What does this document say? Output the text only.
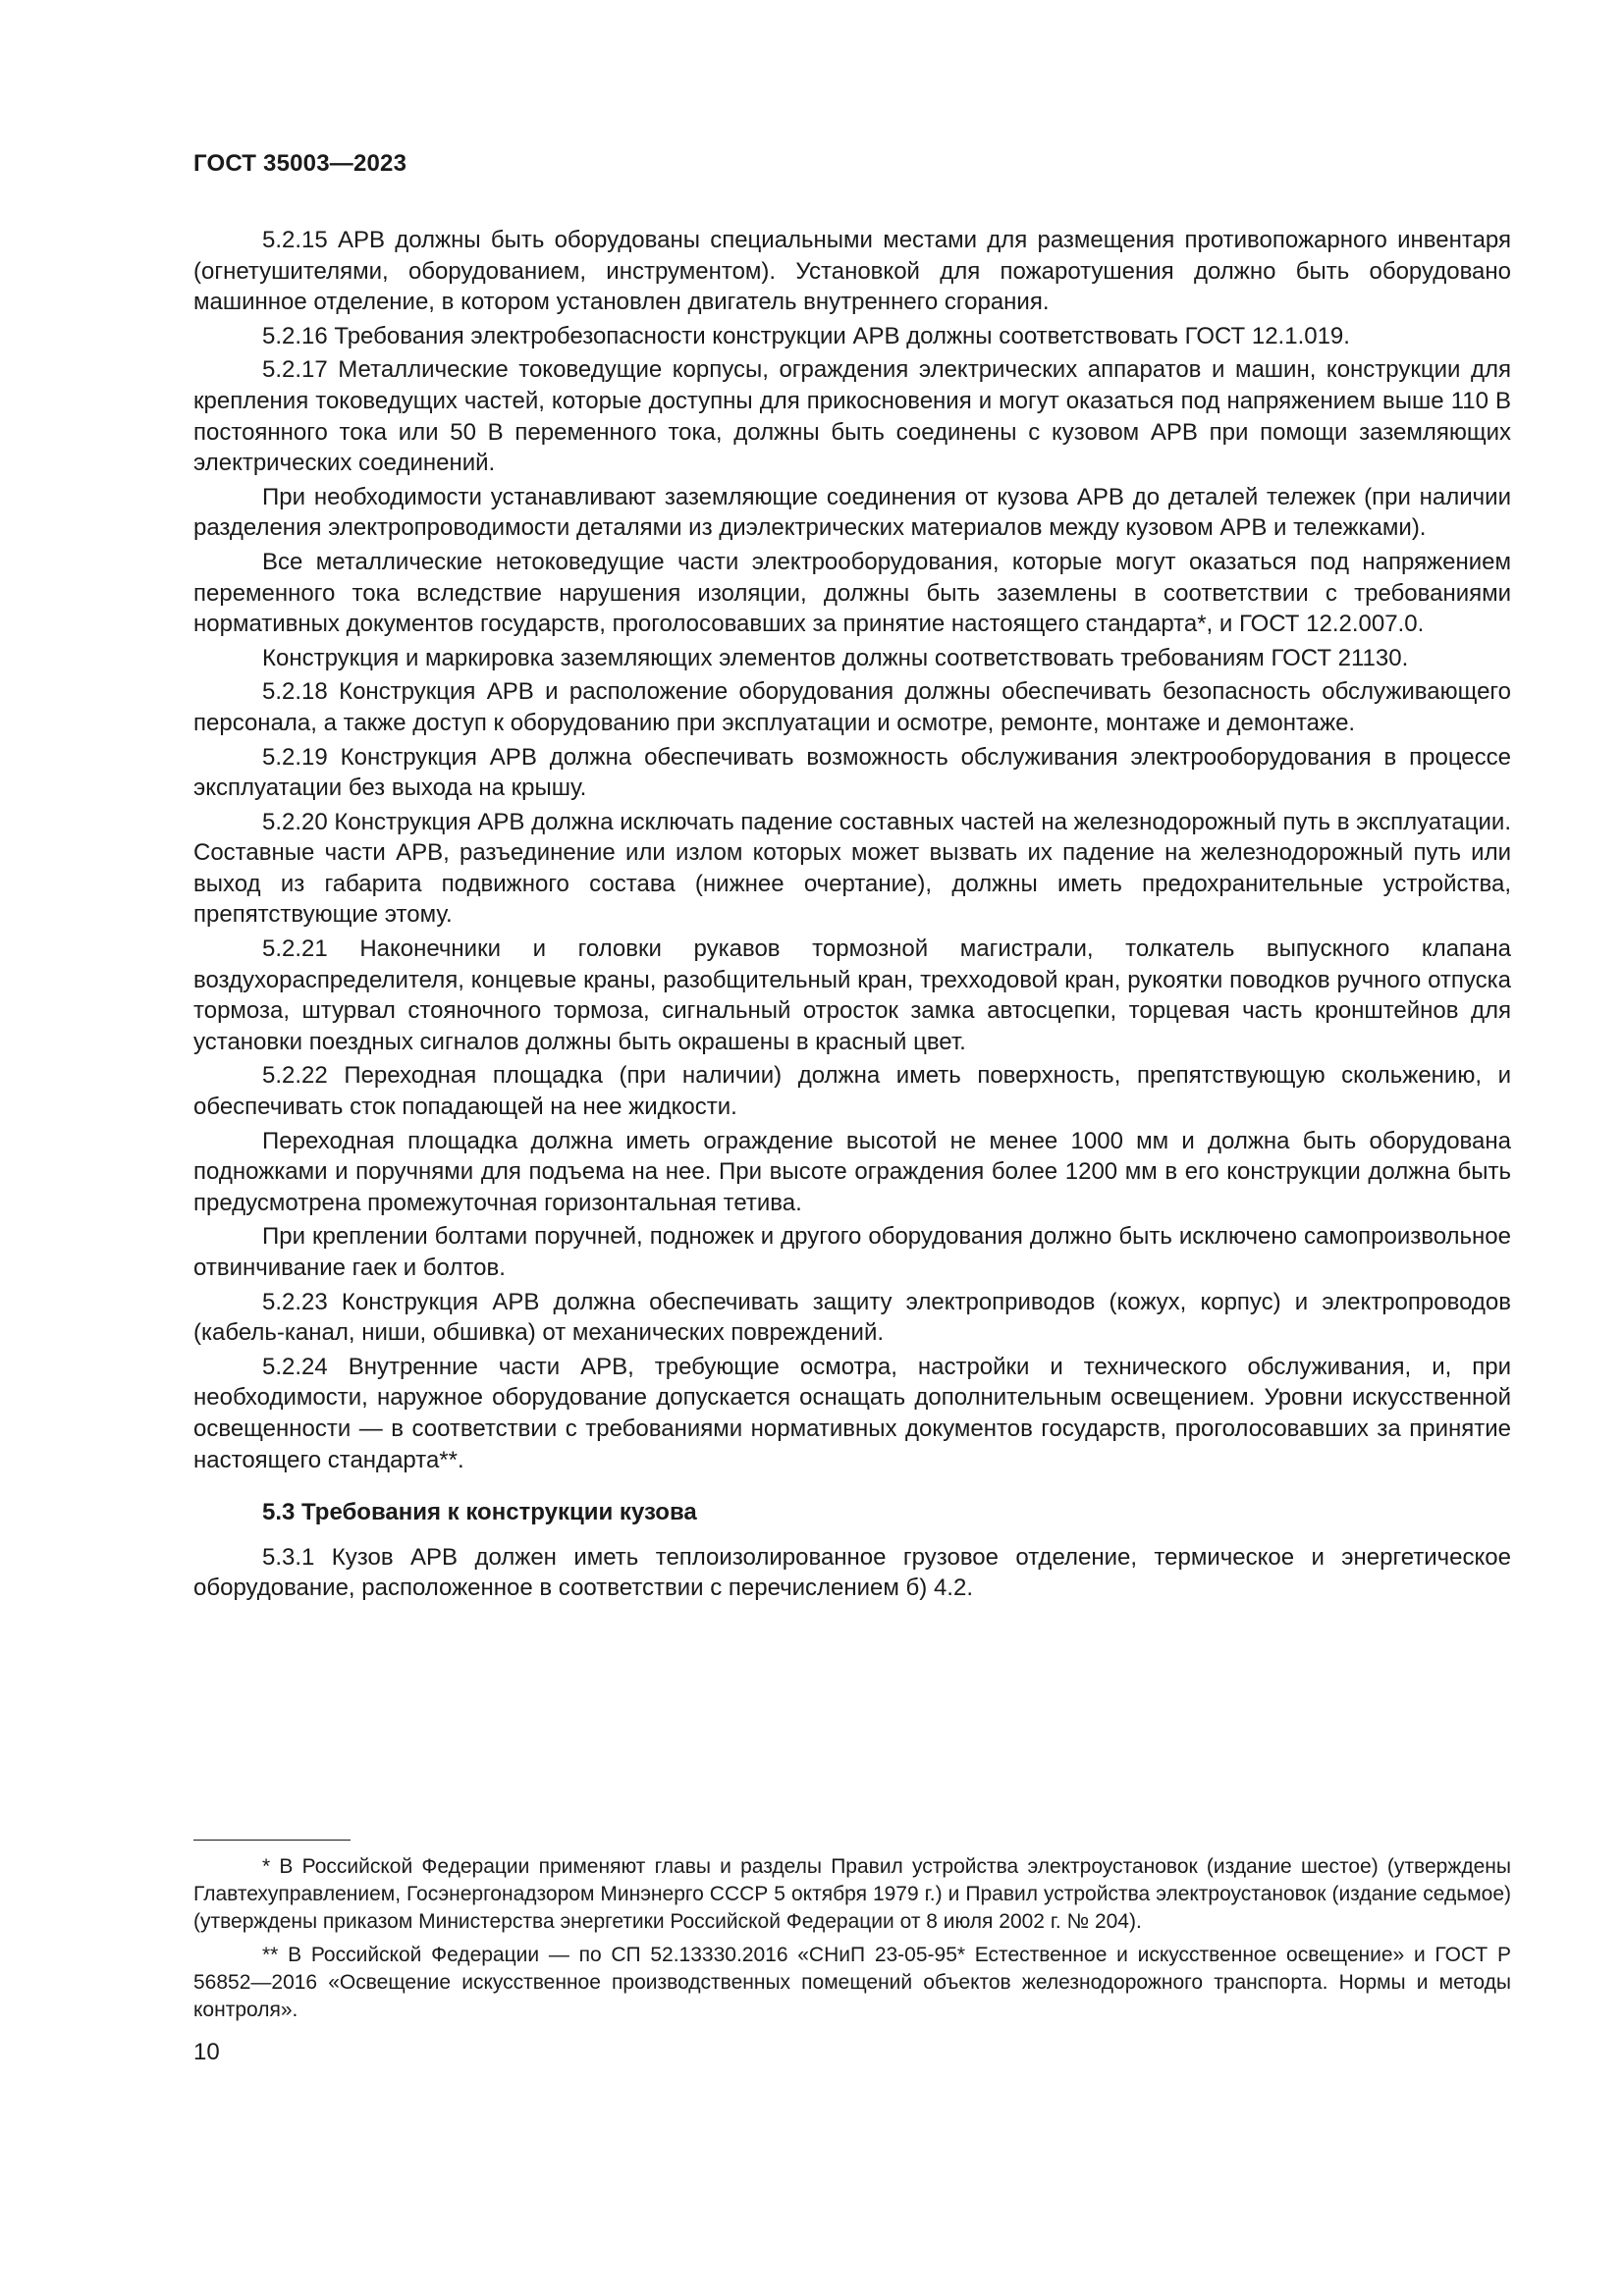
ГОСТ 35003—2023

5.2.15 АРВ должны быть оборудованы специальными местами для размещения противопожарного инвентаря (огнетушителями, оборудованием, инструментом). Установкой для пожаротушения должно быть оборудовано машинное отделение, в котором установлен двигатель внутреннего сгорания.

5.2.16 Требования электробезопасности конструкции АРВ должны соответствовать ГОСТ 12.1.019.

5.2.17 Металлические токоведущие корпусы, ограждения электрических аппаратов и машин, конструкции для крепления токоведущих частей, которые доступны для прикосновения и могут оказаться под напряжением выше 110 В постоянного тока или 50 В переменного тока, должны быть соединены с кузовом АРВ при помощи заземляющих электрических соединений.

При необходимости устанавливают заземляющие соединения от кузова АРВ до деталей тележек (при наличии разделения электропроводимости деталями из диэлектрических материалов между кузовом АРВ и тележками).

Все металлические нетоковедущие части электрооборудования, которые могут оказаться под напряжением переменного тока вследствие нарушения изоляции, должны быть заземлены в соответствии с требованиями нормативных документов государств, проголосовавших за принятие настоящего стандарта*, и ГОСТ 12.2.007.0.

Конструкция и маркировка заземляющих элементов должны соответствовать требованиям ГОСТ 21130.

5.2.18 Конструкция АРВ и расположение оборудования должны обеспечивать безопасность обслуживающего персонала, а также доступ к оборудованию при эксплуатации и осмотре, ремонте, монтаже и демонтаже.

5.2.19 Конструкция АРВ должна обеспечивать возможность обслуживания электрооборудования в процессе эксплуатации без выхода на крышу.

5.2.20 Конструкция АРВ должна исключать падение составных частей на железнодорожный путь в эксплуатации. Составные части АРВ, разъединение или излом которых может вызвать их падение на железнодорожный путь или выход из габарита подвижного состава (нижнее очертание), должны иметь предохранительные устройства, препятствующие этому.

5.2.21 Наконечники и головки рукавов тормозной магистрали, толкатель выпускного клапана воздухораспределителя, концевые краны, разобщительный кран, трехходовой кран, рукоятки поводков ручного отпуска тормоза, штурвал стояночного тормоза, сигнальный отросток замка автосцепки, торцевая часть кронштейнов для установки поездных сигналов должны быть окрашены в красный цвет.

5.2.22 Переходная площадка (при наличии) должна иметь поверхность, препятствующую скольжению, и обеспечивать сток попадающей на нее жидкости.

Переходная площадка должна иметь ограждение высотой не менее 1000 мм и должна быть оборудована подножками и поручнями для подъема на нее. При высоте ограждения более 1200 мм в его конструкции должна быть предусмотрена промежуточная горизонтальная тетива.

При креплении болтами поручней, подножек и другого оборудования должно быть исключено самопроизвольное отвинчивание гаек и болтов.

5.2.23 Конструкция АРВ должна обеспечивать защиту электроприводов (кожух, корпус) и электропроводов (кабель-канал, ниши, обшивка) от механических повреждений.

5.2.24 Внутренние части АРВ, требующие осмотра, настройки и технического обслуживания, и, при необходимости, наружное оборудование допускается оснащать дополнительным освещением. Уровни искусственной освещенности — в соответствии с требованиями нормативных документов государств, проголосовавших за принятие настоящего стандарта**.

5.3 Требования к конструкции кузова

5.3.1 Кузов АРВ должен иметь теплоизолированное грузовое отделение, термическое и энергетическое оборудование, расположенное в соответствии с перечислением б) 4.2.

* В Российской Федерации применяют главы и разделы Правил устройства электроустановок (издание шестое) (утверждены Главтехуправлением, Госэнергонадзором Минэнерго СССР 5 октября 1979 г.) и Правил устройства электроустановок (издание седьмое) (утверждены приказом Министерства энергетики Российской Федерации от 8 июля 2002 г. № 204).

** В Российской Федерации — по СП 52.13330.2016 «СНиП 23-05-95* Естественное и искусственное освещение» и ГОСТ Р 56852—2016 «Освещение искусственное производственных помещений объектов железнодорожного транспорта. Нормы и методы контроля».

10
